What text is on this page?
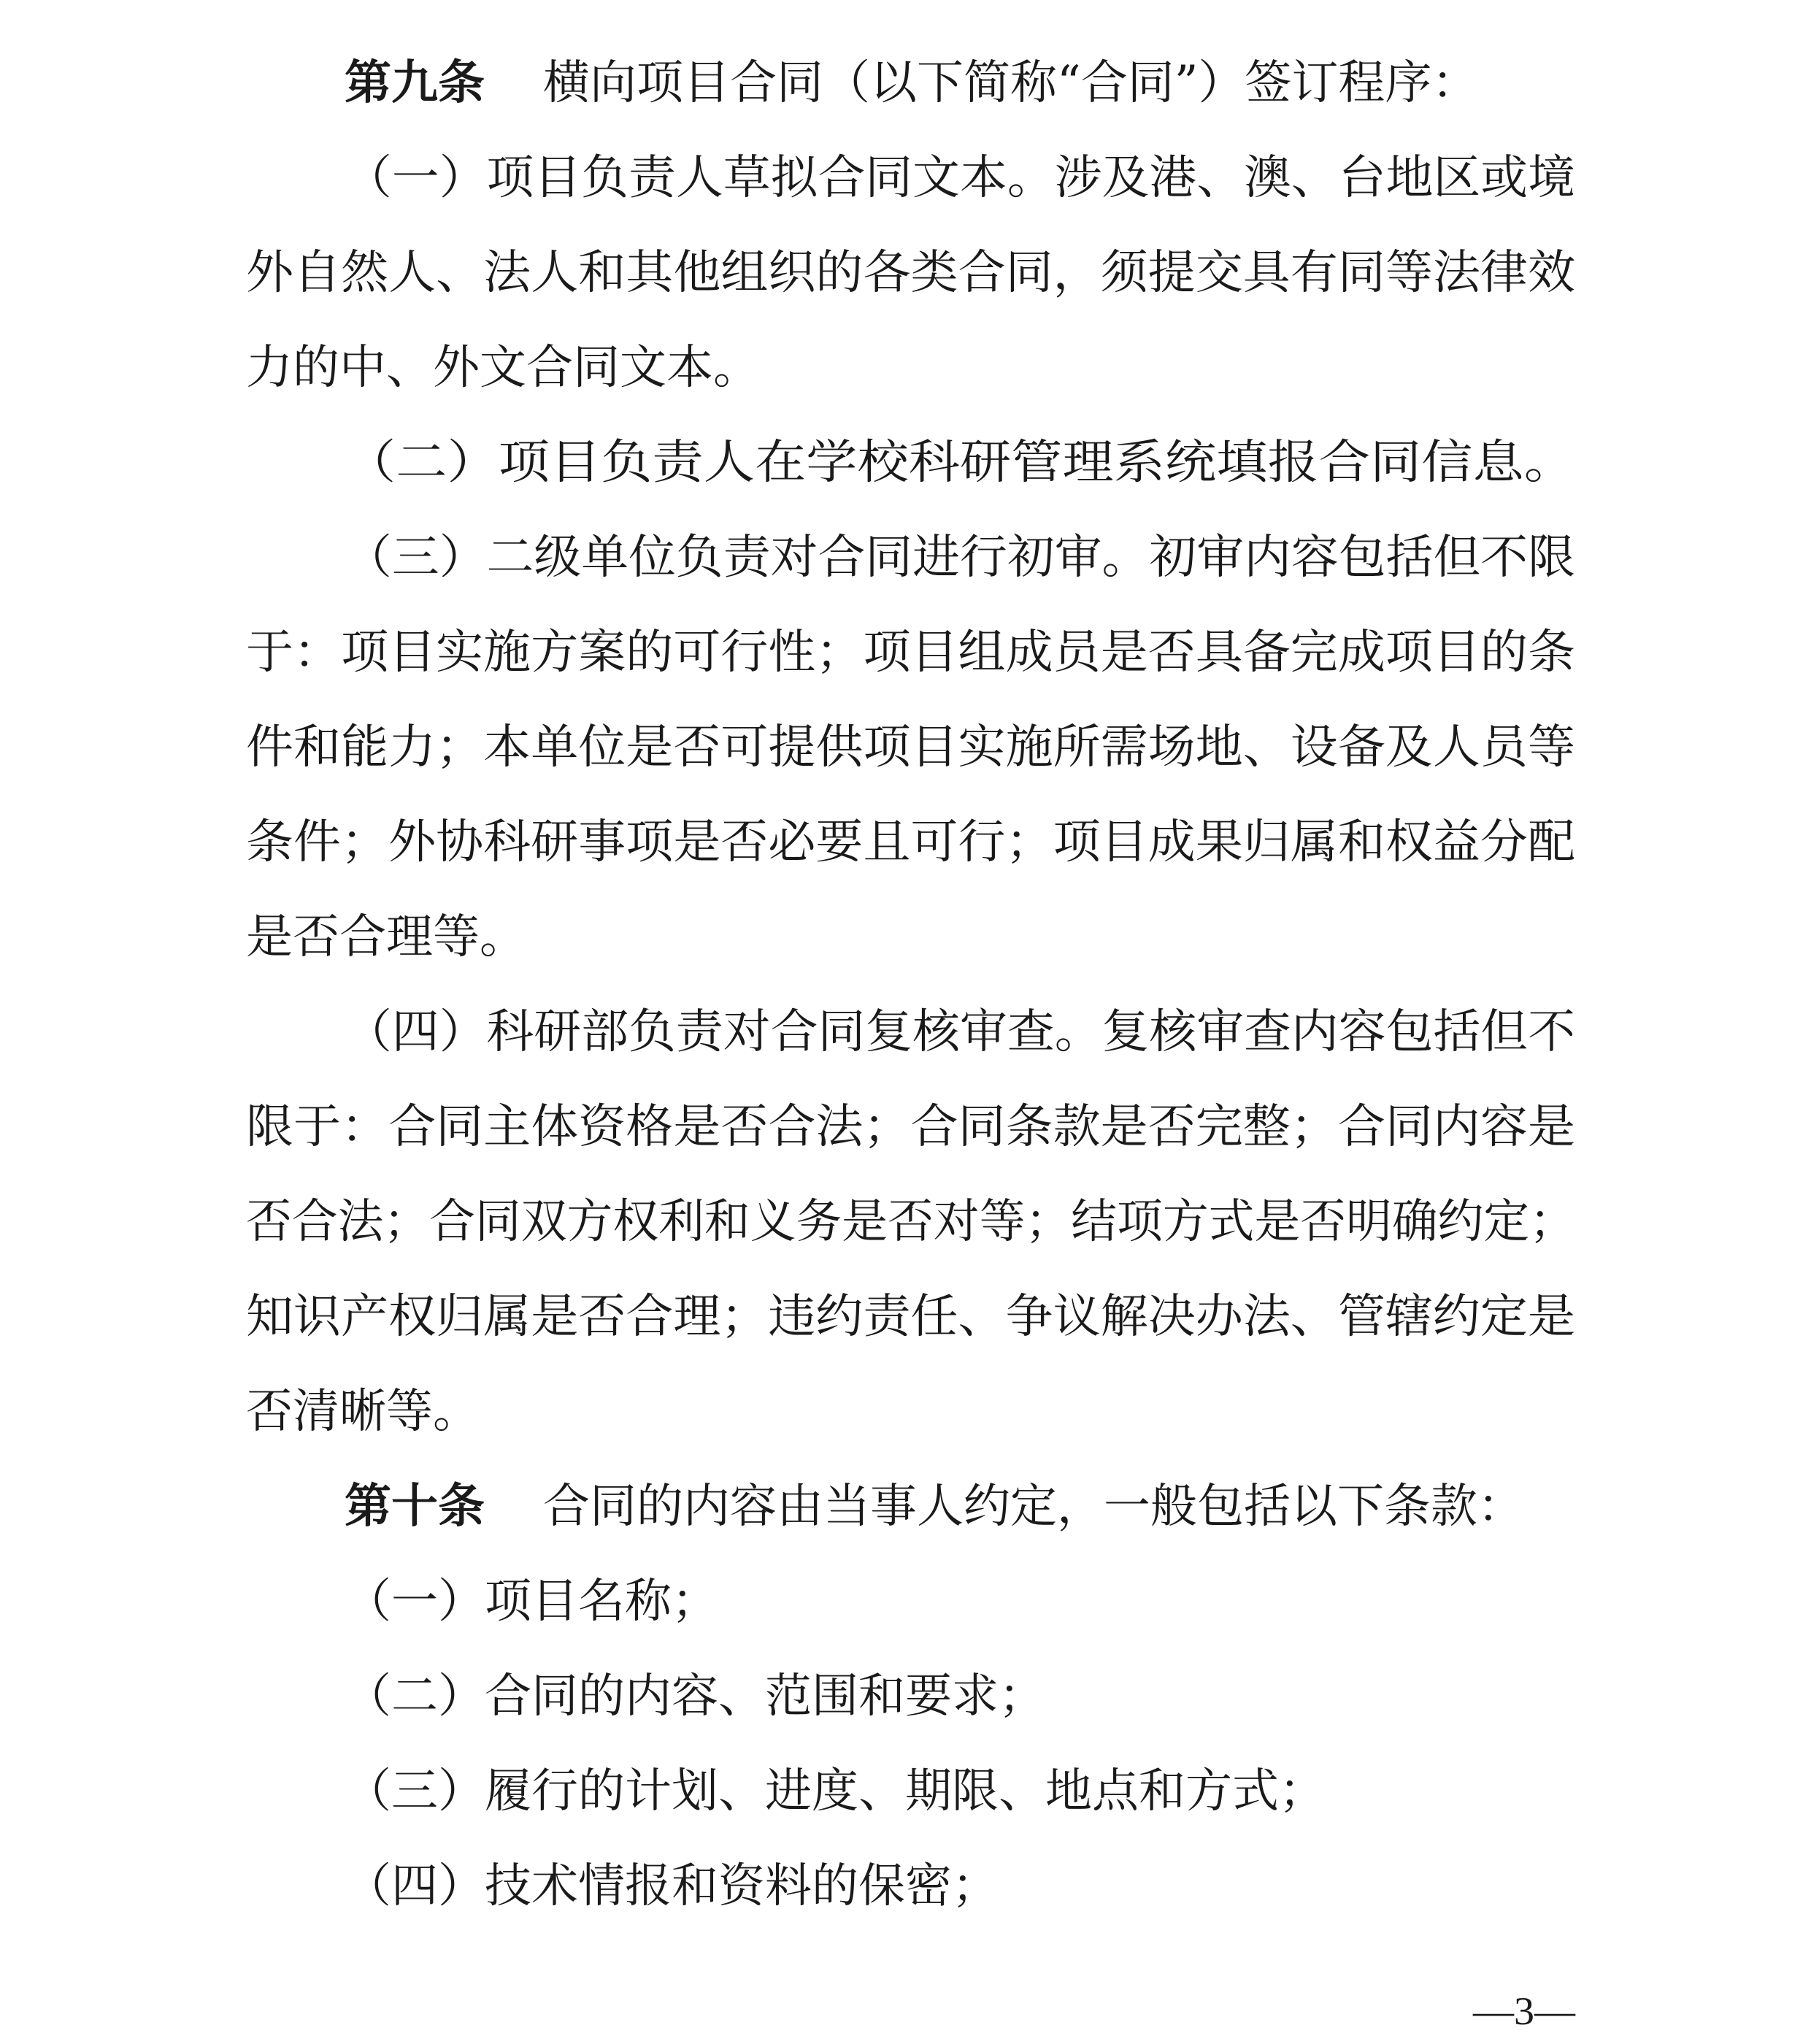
第九条 横向项目合同（以下简称“合同”）签订程序：
（一）项目负责人草拟合同文本。涉及港、澳、台地区或境
外自然人、法人和其他组织的各类合同，须提交具有同等法律效
力的中、外文合同文本。
（二）项目负责人在学校科研管理系统填报合同信息。
（三）二级单位负责对合同进行初审。初审内容包括但不限
于：项目实施方案的可行性；项目组成员是否具备完成项目的条
件和能力；本单位是否可提供项目实施所需场地、设备及人员等
条件；外协科研事项是否必要且可行；项目成果归属和权益分配
是否合理等。
（四）科研部负责对合同复核审查。复核审查内容包括但不
限于：合同主体资格是否合法；合同条款是否完整；合同内容是
否合法；合同双方权利和义务是否对等；结项方式是否明确约定；
知识产权归属是否合理；违约责任、争议解决办法、管辖约定是
否清晰等。
第十条 合同的内容由当事人约定，一般包括以下条款：
（一）项目名称；
（二）合同的内容、范围和要求；
（三）履行的计划、进度、期限、地点和方式；
（四）技术情报和资料的保密；
—3—
